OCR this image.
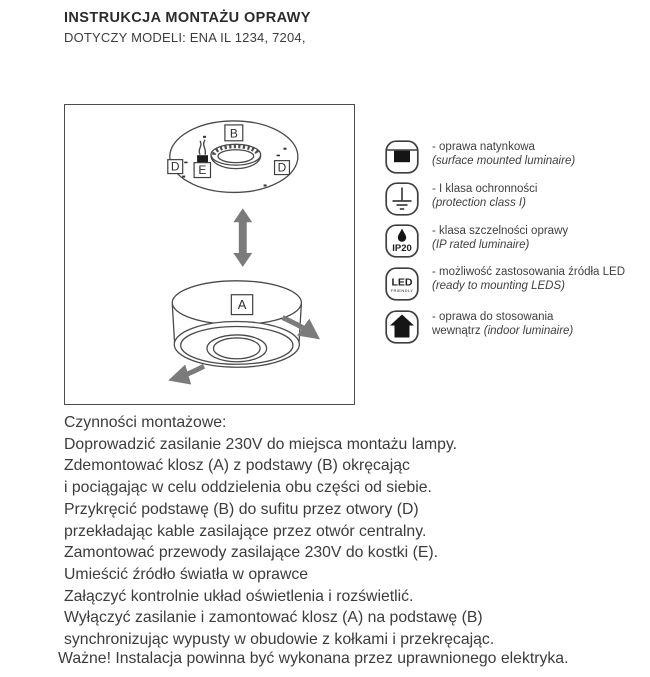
INSTRUKCJA MONTAŻU OPRAWY
DOTYCZY MODELI: ENA IL 1234, 7204,
B
D E	D
A
- oprawa natynkowa
(surface mounted luminaire)
- I klasa ochronności
(protection class I)
IP20
- klasa szczelności oprawy
(IP rated luminaire)
LED
FRIENDLY
- możliwość zastosowania źródła LED
(ready to mounting LEDS)
- oprawa do stosowania
wewnątrz (indoor luminaire)
Czynności montażowe:
Doprowadzić zasilanie 230V do miejsca montażu lampy.
Zdemontować klosz (A) z podstawy (B) okręcając
i pociągając w celu oddzielenia obu części od siebie.
Przykręcić podstawę (B) do sufitu przez otwory (D)
przekładając kable zasilające przez otwór centralny.
Zamontować przewody zasilające 230V do kostki (E).
Umieścić źródło światła w oprawce
Załączyć kontrolnie układ oświetlenia i rozświetlić.
Wyłączyć zasilanie i zamontować klosz (A) na podstawę (B)
synchronizując wypusty w obudowie z kołkami i przekręcając.
Ważne! Instalacja powinna być wykonana przez uprawnionego elektryka.
